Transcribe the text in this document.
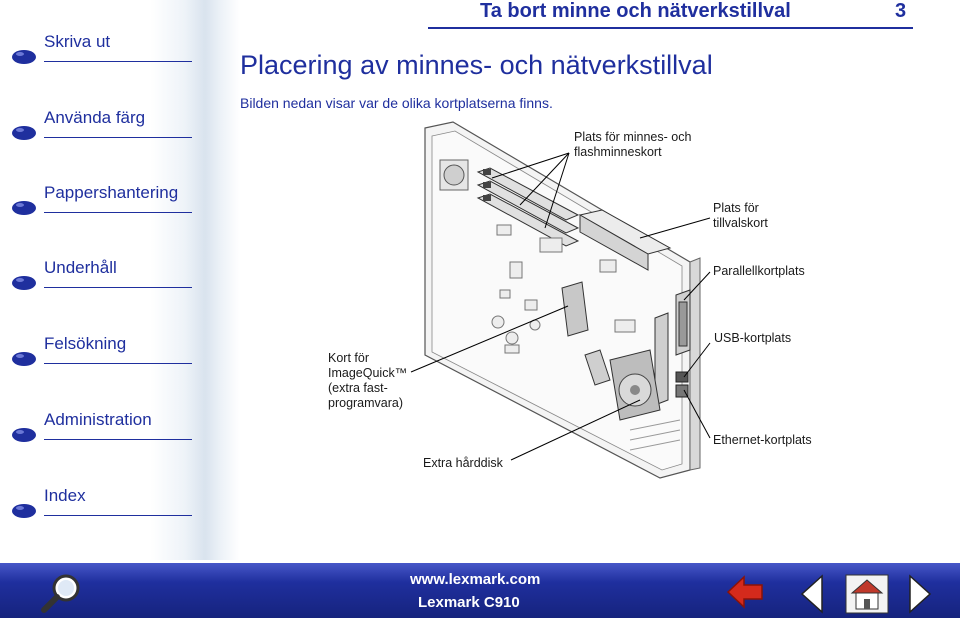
Ta bort minne och nätverkstillval	3
Skriva ut
Använda färg
Pappershantering
Underhåll
Felsökning
Administration
Index
Placering av minnes- och nätverkstillval
Bilden nedan visar var de olika kortplatserna finns.
Plats för minnes- och
flashminneskort
Plats för
tillvalskort
Parallellkortplats
USB-kortplats
Kort för
ImageQuick™
(extra fast-
programvara)
Extra hårddisk
Ethernet-kortplats
www.lexmark.com
Lexmark C910
